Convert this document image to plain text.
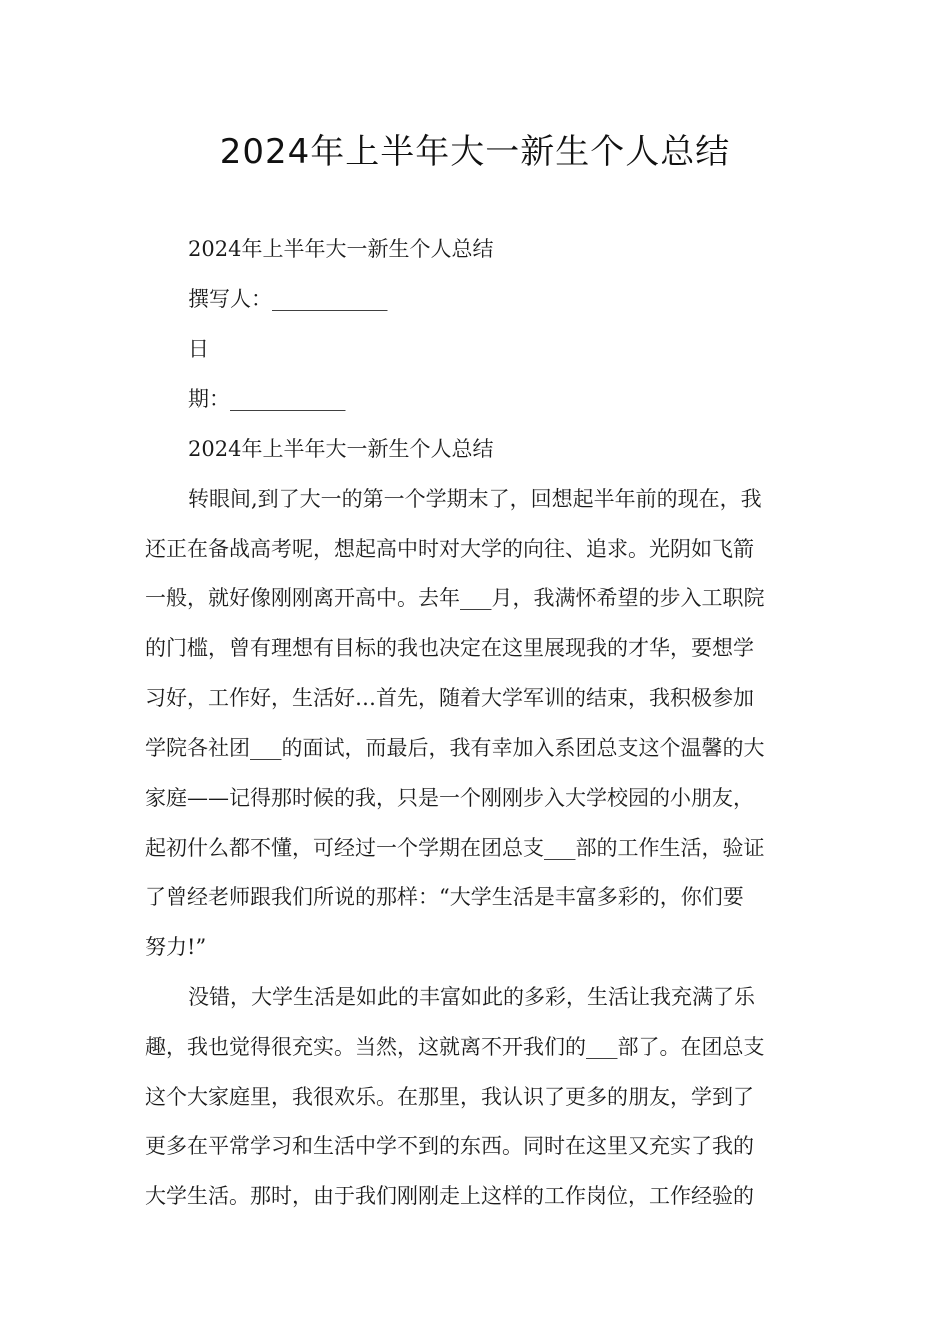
2024年上半年大一新生个人总结
2024年上半年大一新生个人总结
撰写人：___________
日
期：___________
2024年上半年大一新生个人总结
转眼间,到了大一的第一个学期末了，回想起半年前的现在，我
还正在备战高考呢，想起高中时对大学的向往、追求。光阴如飞箭
一般，就好像刚刚离开高中。去年___月，我满怀希望的步入工职院
的门槛，曾有理想有目标的我也决定在这里展现我的才华，要想学
习好，工作好，生活好…首先，随着大学军训的结束，我积极参加
学院各社团___的面试，而最后，我有幸加入系团总支这个温馨的大
家庭——记得那时候的我，只是一个刚刚步入大学校园的小朋友，
起初什么都不懂，可经过一个学期在团总支___部的工作生活，验证
了曾经老师跟我们所说的那样：“大学生活是丰富多彩的，你们要
努力!”
没错，大学生活是如此的丰富如此的多彩，生活让我充满了乐
趣，我也觉得很充实。当然，这就离不开我们的___部了。在团总支
这个大家庭里，我很欢乐。在那里，我认识了更多的朋友，学到了
更多在平常学习和生活中学不到的东西。同时在这里又充实了我的
大学生活。那时，由于我们刚刚走上这样的工作岗位，工作经验的
